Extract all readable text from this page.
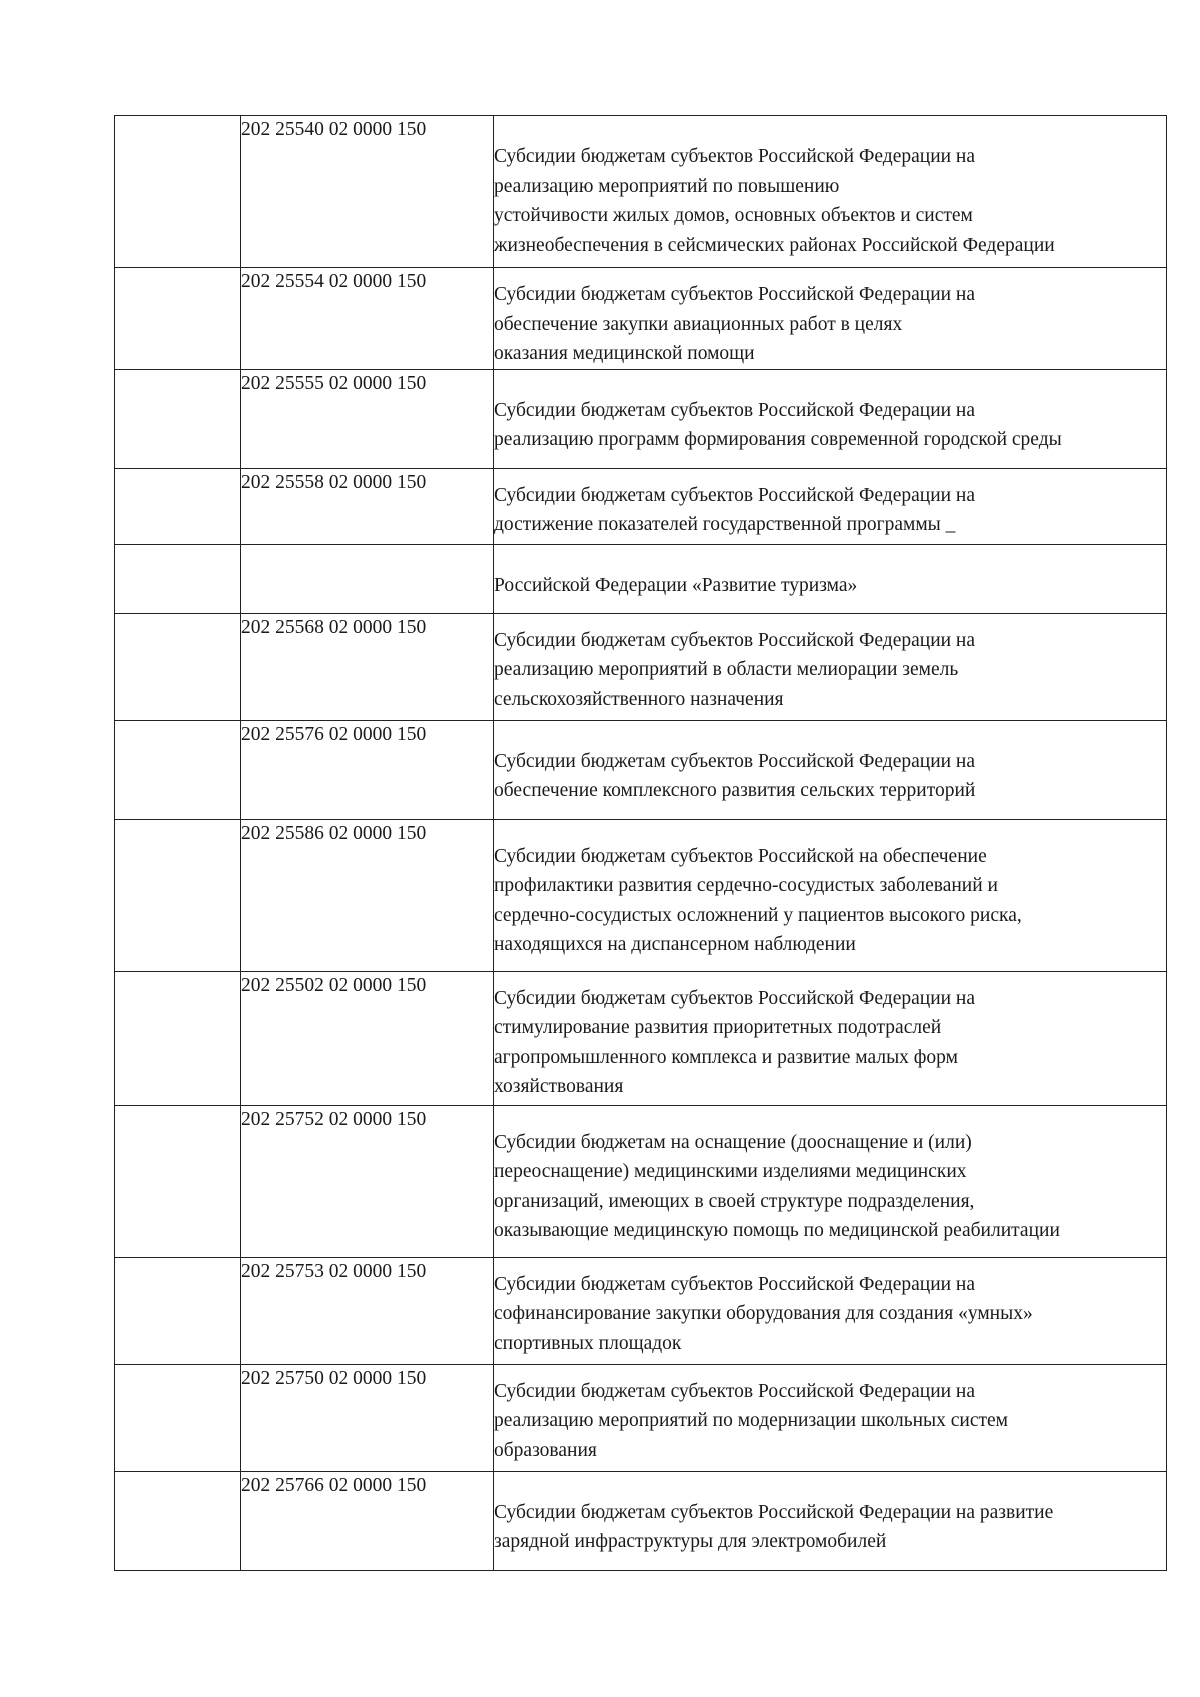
	202 25540 02 0000 150	Субсидии бюджетам субъектов Российской Федерации на
реализацию мероприятий по повышению
устойчивости жилых домов, основных объектов и систем
жизнеобеспечения в сейсмических районах Российской Федерации

	202 25554 02 0000 150	Субсидии бюджетам субъектов Российской Федерации на
обеспечение закупки авиационных работ в целях
оказания медицинской помощи

	202 25555 02 0000 150	Субсидии бюджетам субъектов Российской Федерации на
реализацию программ формирования современной городской среды

	202 25558 02 0000 150	Субсидии бюджетам субъектов Российской Федерации на
достижение показателей государственной программы _

		Российской Федерации «Развитие туризма»

	202 25568 02 0000 150	Субсидии бюджетам субъектов Российской Федерации на
реализацию мероприятий в области мелиорации земель
сельскохозяйственного назначения

	202 25576 02 0000 150	Субсидии бюджетам субъектов Российской Федерации на
обеспечение комплексного развития сельских территорий

	202 25586 02 0000 150	Субсидии бюджетам субъектов Российской на обеспечение
профилактики развития сердечно-сосудистых заболеваний и
сердечно-сосудистых осложнений у пациентов высокого риска,
находящихся на диспансерном наблюдении

	202 25502 02 0000 150	Субсидии бюджетам субъектов Российской Федерации на
стимулирование развития приоритетных подотраслей
агропромышленного комплекса и развитие малых форм
хозяйствования

	202 25752 02 0000 150	Субсидии бюджетам на оснащение (дооснащение и (или)
переоснащение) медицинскими изделиями медицинских
организаций, имеющих в своей структуре подразделения,
оказывающие медицинскую помощь по медицинской реабилитации

	202 25753 02 0000 150	Субсидии бюджетам субъектов Российской Федерации на
софинансирование закупки оборудования для создания «умных»
спортивных площадок

	202 25750 02 0000 150	Субсидии бюджетам субъектов Российской Федерации на
реализацию мероприятий по модернизации школьных систем
образования

	202 25766 02 0000 150	Субсидии бюджетам субъектов Российской Федерации на развитие
зарядной инфраструктуры для электромобилей
